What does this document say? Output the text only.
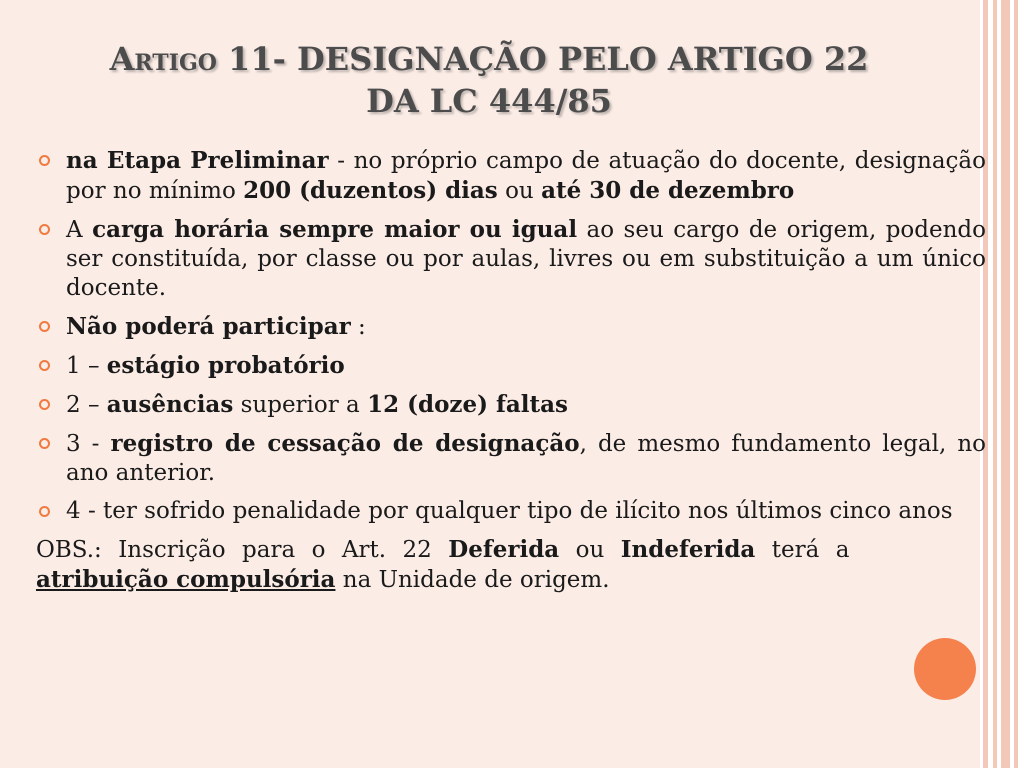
Artigo 11- DESIGNAÇÃO PELO ARTIGO 22
DA LC 444/85
na Etapa Preliminar - no próprio campo de atuação do docente, designação por no mínimo 200 (duzentos) dias ou até 30 de dezembro
A carga horária sempre maior ou igual ao seu cargo de origem, podendo ser constituída, por classe ou por aulas, livres ou em substituição a um único docente.
Não poderá participar :
1 – estágio probatório
2 – ausências superior a 12 (doze) faltas
3 - registro de cessação de designação, de mesmo fundamento legal, no ano anterior.
4 - ter sofrido penalidade por qualquer tipo de ilícito nos últimos cinco anos
OBS.: Inscrição para o Art. 22 Deferida ou Indeferida terá a atribuição compulsória na Unidade de origem.
